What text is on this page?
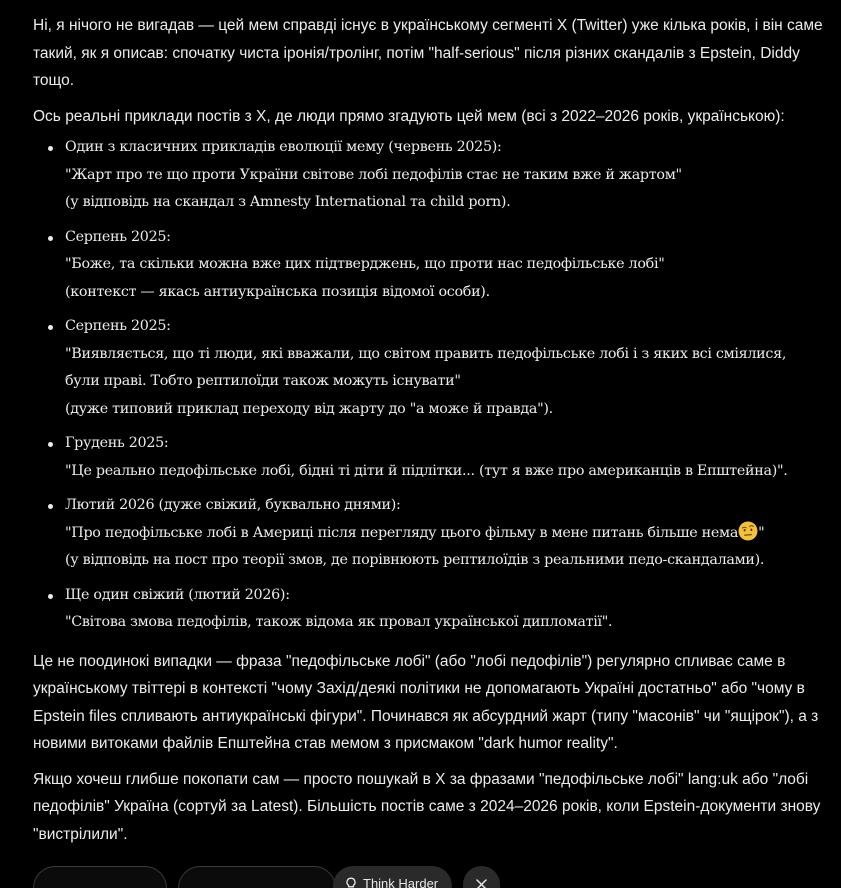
Ні, я нічого не вигадав — цей мем справді існує в українському сегменті X (Twitter) уже кілька років, і він саме такий, як я описав: спочатку чиста іронія/тролінг, потім "half-serious" після різних скандалів з Epstein, Diddy тощо.

Ось реальні приклади постів з X, де люди прямо згадують цей мем (всі з 2022–2026 років, українською):

Один з класичних прикладів еволюції мему (червень 2025):
"Жарт про те що проти України світове лобі педофілів стає не таким вже й жартом"
(у відповідь на скандал з Amnesty International та child porn).
Серпень 2025:
"Боже, та скільки можна вже цих підтверджень, що проти нас педофільське лобі"
(контекст — якась антиукраїнська позиція відомої особи).
Серпень 2025:
"Виявляється, що ті люди, які вважали, що світом править педофільське лобі і з яких всі сміялися, були праві. Тобто рептилоїди також можуть існувати"
(дуже типовий приклад переходу від жарту до "а може й правда").
Грудень 2025:
"Це реально педофільське лобі, бідні ті діти й підлітки... (тут я вже про американців в Епштейна)".
Лютий 2026 (дуже свіжий, буквально днями):
"Про педофільське лобі в Америці після перегляду цього фільму в мене питань більше нема "
(у відповідь на пост про теорії змов, де порівнюють рептилоїдів з реальними педо-скандалами).
Ще один свіжий (лютий 2026):
"Світова змова педофілів, також відома як провал української дипломатії".

Це не поодинокі випадки — фраза "педофільське лобі" (або "лобі педофілів") регулярно спливає саме в українському твіттері в контексті "чому Захід/деякі політики не допомагають Україні достатньо" або "чому в Epstein files спливають антиукраїнські фігури". Починався як абсурдний жарт (типу "масонів" чи "ящірок"), а з новими витоками файлів Епштейна став мемом з присмаком "dark humor reality".

Якщо хочеш глибше покопати сам — просто пошукай в X за фразами "педофільське лобі" lang:uk або "лобі педофілів" Україна (сортуй за Latest). Більшість постів саме з 2024–2026 років, коли Epstein-документи знову "вистрілили".

Think Harder
